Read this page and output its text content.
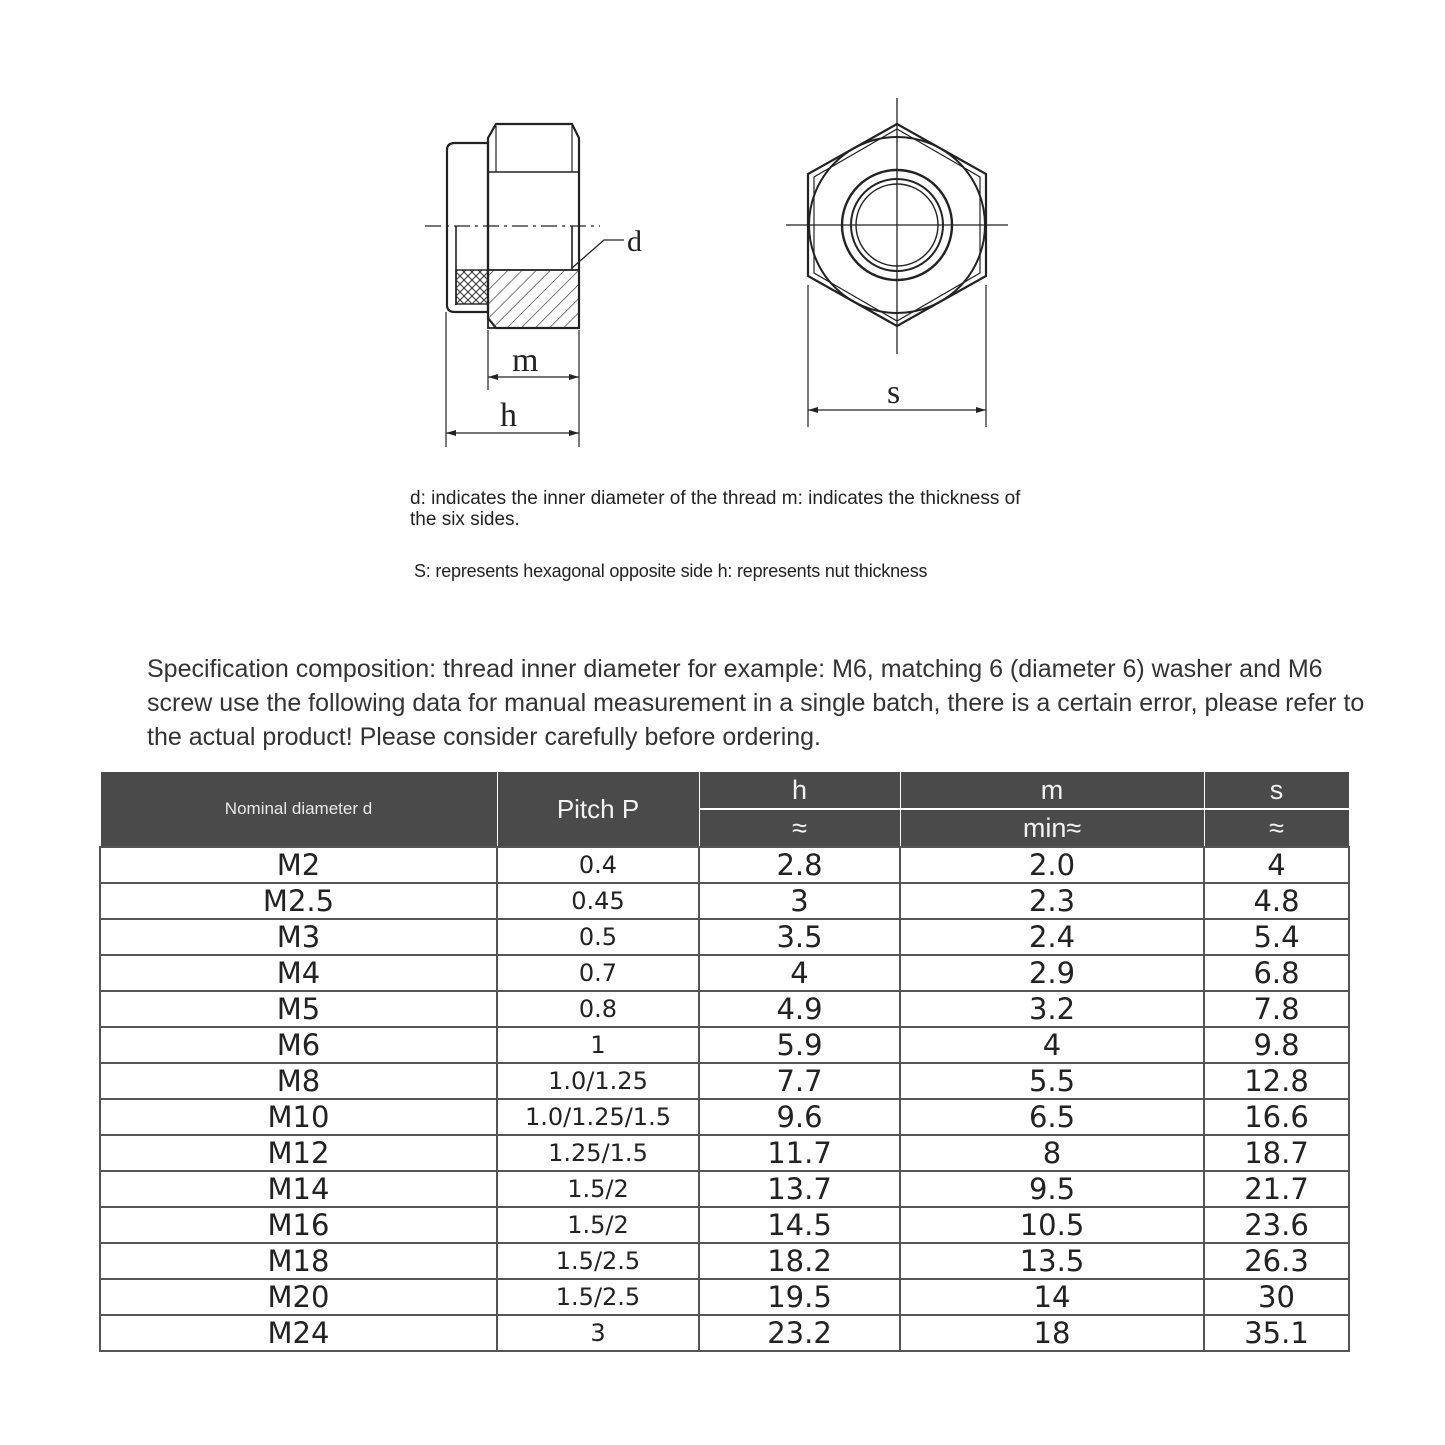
d
m
h
s
d: indicates the inner diameter of the thread m: indicates the thickness of the six sides.
S: represents hexagonal opposite side h: represents nut thickness
Specification composition: thread inner diameter for example: M6, matching 6 (diameter 6) washer and M6 screw use the following data for manual measurement in a single batch, there is a certain error, please refer to the actual product! Please consider carefully before ordering.
Nominal diameter d	Pitch P	h	m	s
		≈	min≈	≈
M2	0.4	2.8	2.0	4
M2.5	0.45	3	2.3	4.8
M3	0.5	3.5	2.4	5.4
M4	0.7	4	2.9	6.8
M5	0.8	4.9	3.2	7.8
M6	1	5.9	4	9.8
M8	1.0/1.25	7.7	5.5	12.8
M10	1.0/1.25/1.5	9.6	6.5	16.6
M12	1.25/1.5	11.7	8	18.7
M14	1.5/2	13.7	9.5	21.7
M16	1.5/2	14.5	10.5	23.6
M18	1.5/2.5	18.2	13.5	26.3
M20	1.5/2.5	19.5	14	30
M24	3	23.2	18	35.1
